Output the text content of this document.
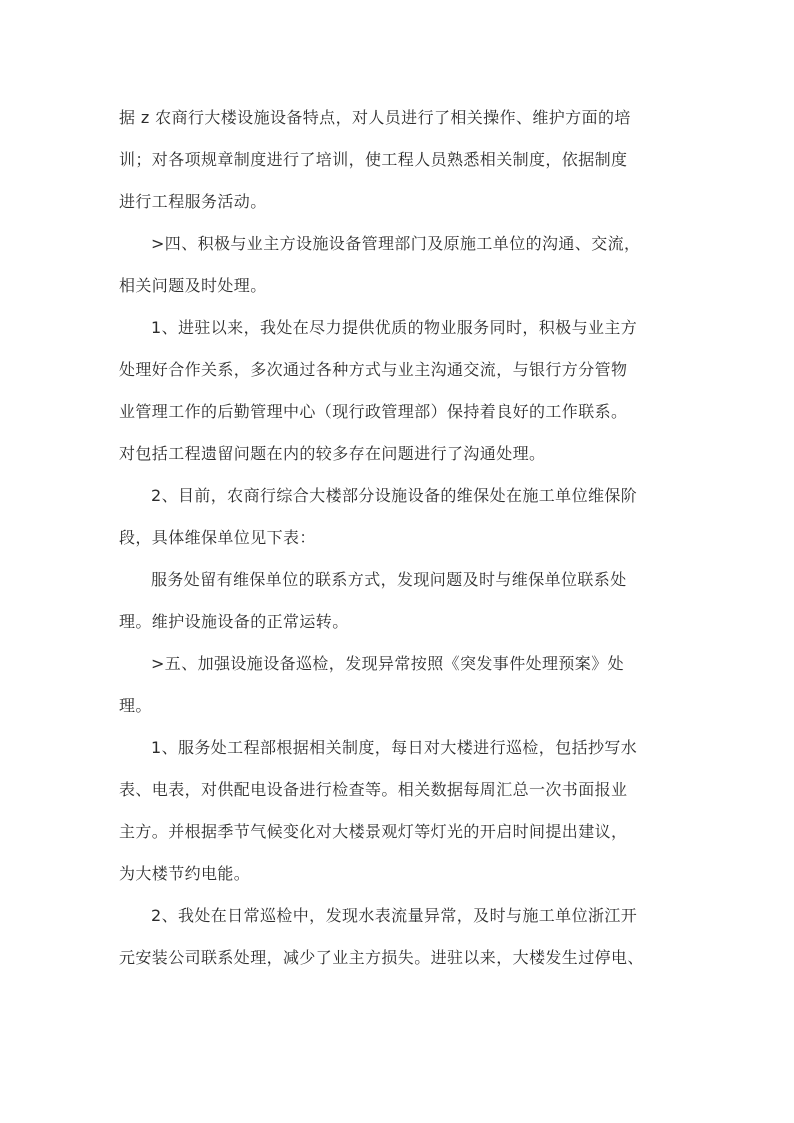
据 z 农商行大楼设施设备特点，对人员进行了相关操作、维护方面的培
训；对各项规章制度进行了培训，使工程人员熟悉相关制度，依据制度
进行工程服务活动。
>四、积极与业主方设施设备管理部门及原施工单位的沟通、交流，
相关问题及时处理。
1、进驻以来，我处在尽力提供优质的物业服务同时，积极与业主方
处理好合作关系，多次通过各种方式与业主沟通交流，与银行方分管物
业管理工作的后勤管理中心（现行政管理部）保持着良好的工作联系。
对包括工程遗留问题在内的较多存在问题进行了沟通处理。
2、目前，农商行综合大楼部分设施设备的维保处在施工单位维保阶
段，具体维保单位见下表：
服务处留有维保单位的联系方式，发现问题及时与维保单位联系处
理。维护设施设备的正常运转。
>五、加强设施设备巡检，发现异常按照《突发事件处理预案》处
理。
1、服务处工程部根据相关制度，每日对大楼进行巡检，包括抄写水
表、电表，对供配电设备进行检查等。相关数据每周汇总一次书面报业
主方。并根据季节气候变化对大楼景观灯等灯光的开启时间提出建议，
为大楼节约电能。
2、我处在日常巡检中，发现水表流量异常，及时与施工单位浙江开
元安装公司联系处理，减少了业主方损失。进驻以来，大楼发生过停电、
